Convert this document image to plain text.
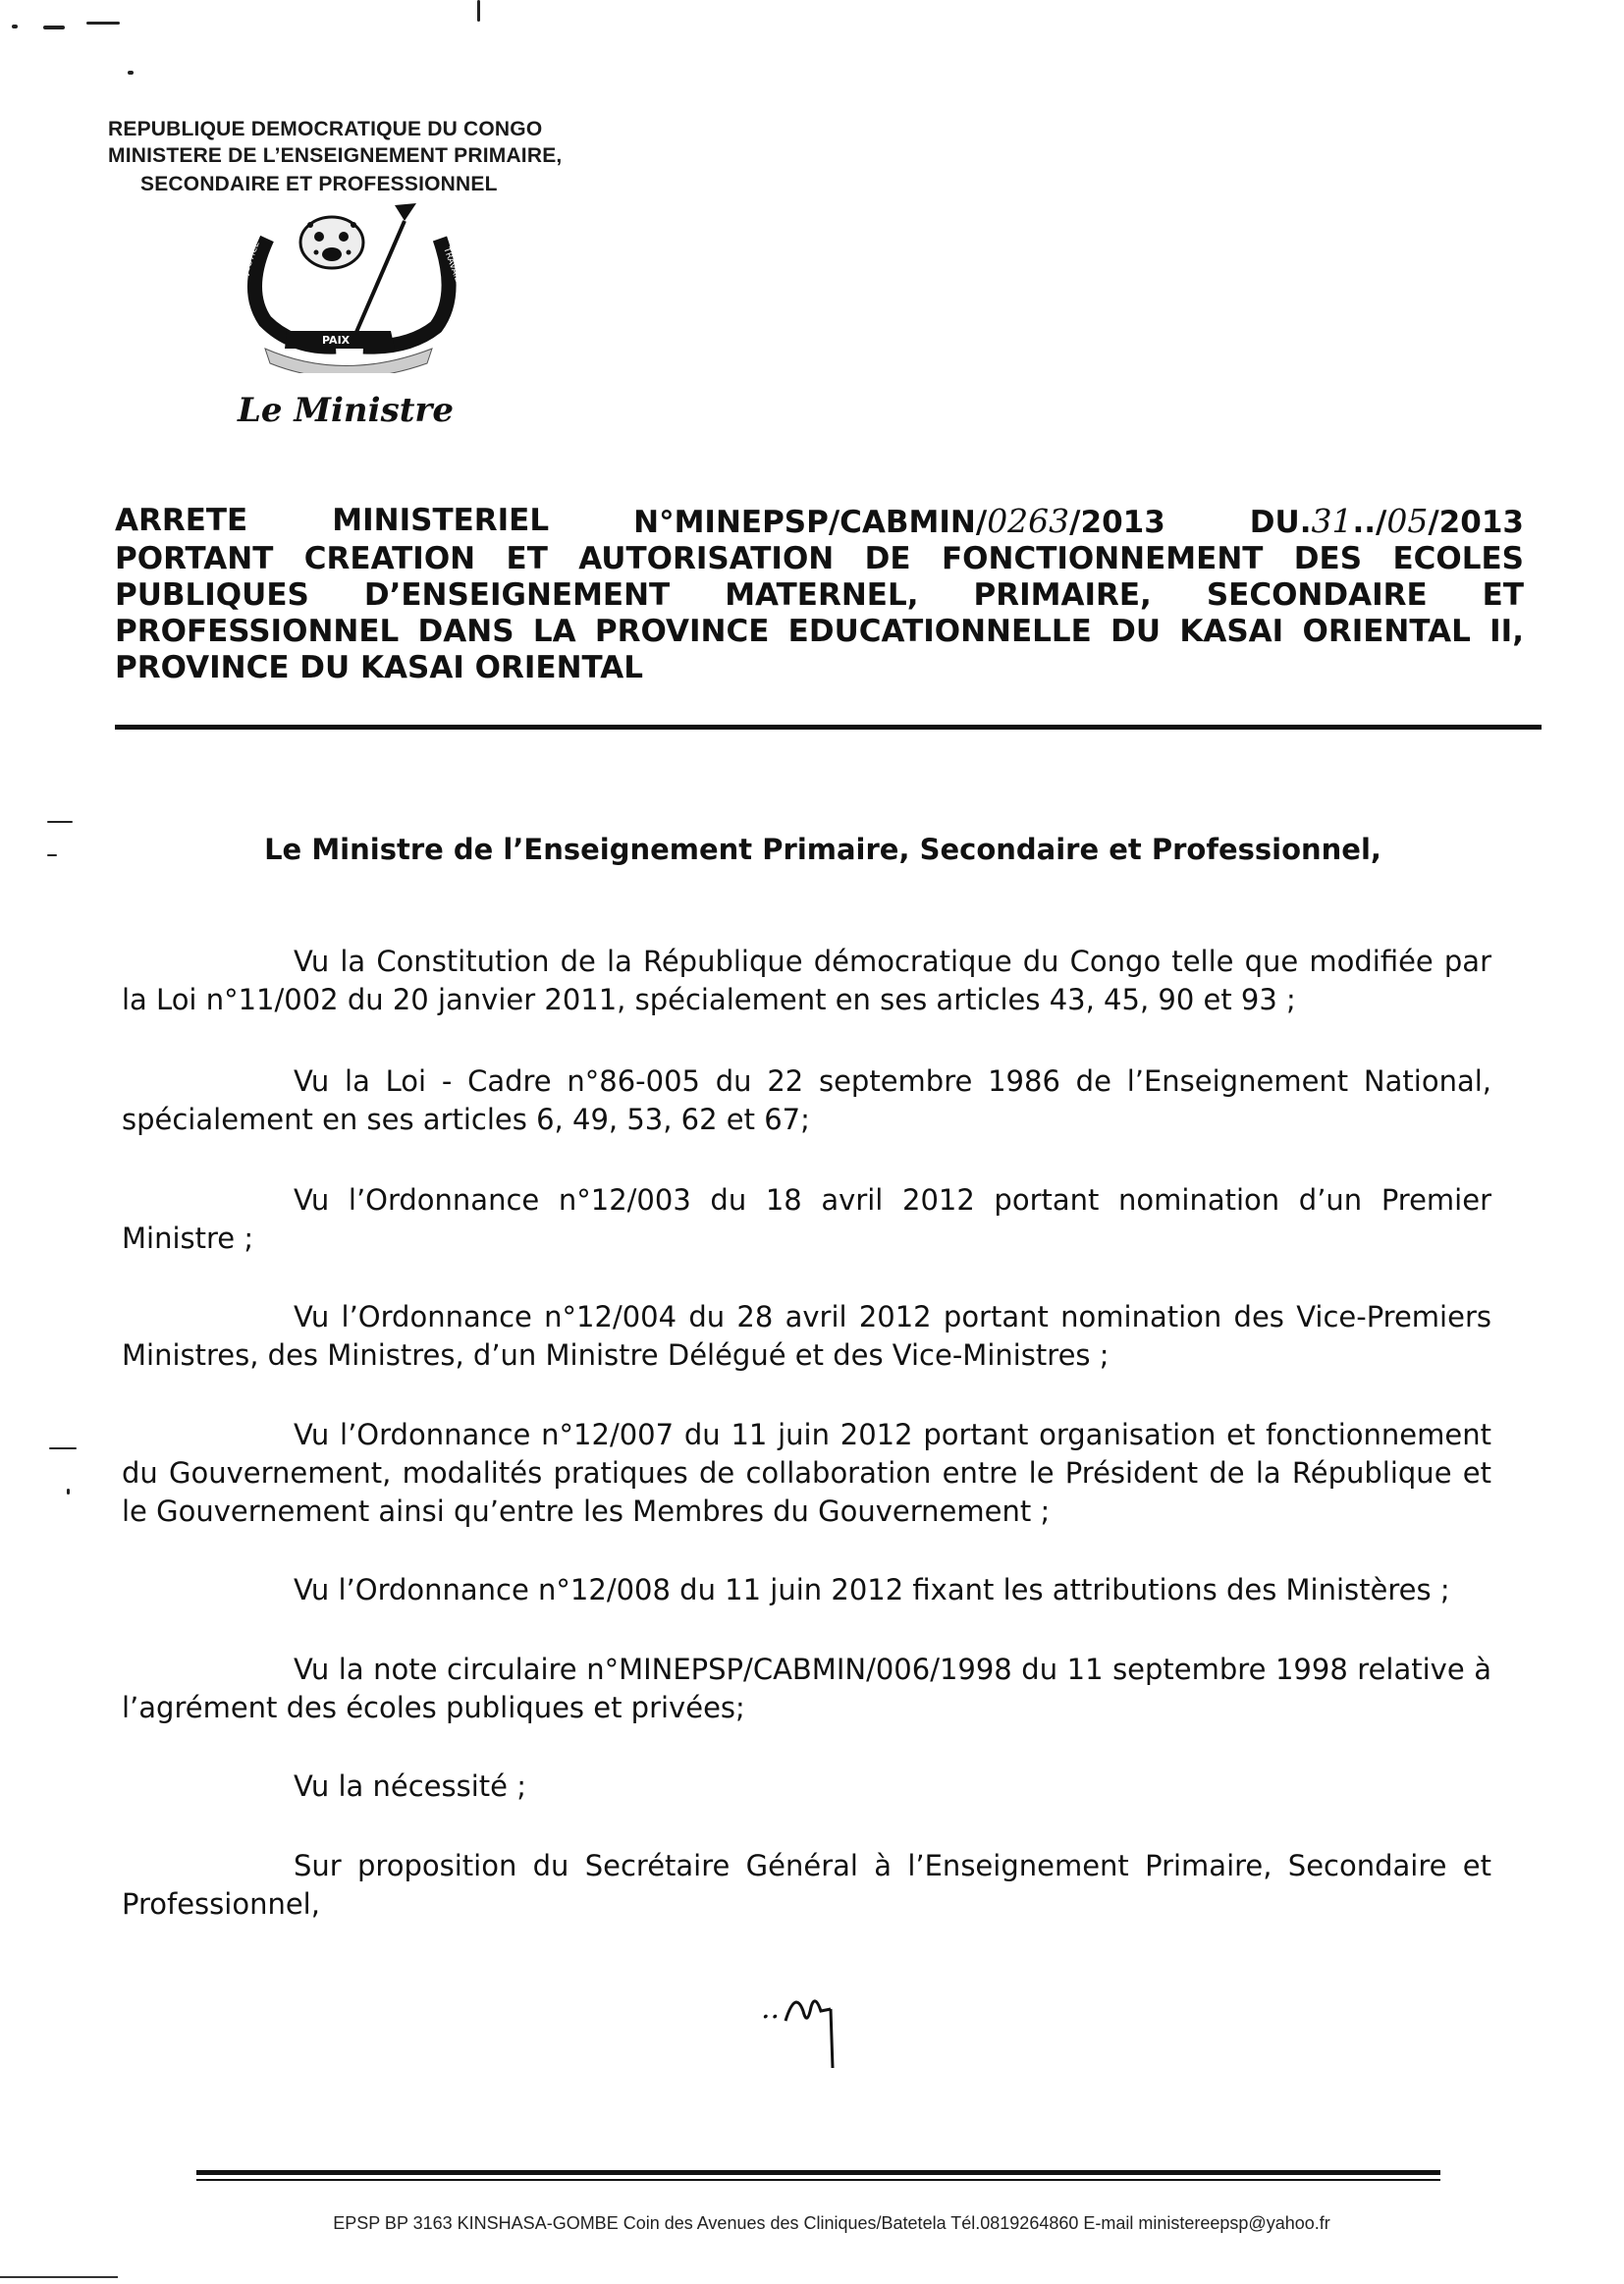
REPUBLIQUE DEMOCRATIQUE DU CONGO
MINISTERE DE L’ENSEIGNEMENT PRIMAIRE,
SECONDAIRE ET PROFESSIONNEL
JUSTICE	TRAVAIL
PAIX
Le Ministre
ARRETE	MINISTERIEL	N°MINEPSP/CABMIN/0263/2013	DU.31../05/2013
PORTANT CREATION ET AUTORISATION DE FONCTIONNEMENT DES ECOLES
PUBLIQUES D’ENSEIGNEMENT MATERNEL, PRIMAIRE, SECONDAIRE ET
PROFESSIONNEL DANS LA PROVINCE EDUCATIONNELLE DU KASAI ORIENTAL II,
PROVINCE DU KASAI ORIENTAL
Le Ministre de l’Enseignement Primaire, Secondaire et Professionnel,

Vu la Constitution de la République démocratique du Congo telle que modifiée par la Loi n°11/002 du 20 janvier 2011, spécialement en ses articles 43, 45, 90 et 93 ;

Vu la Loi - Cadre n°86-005 du 22 septembre 1986 de l’Enseignement National, spécialement en ses articles 6, 49, 53, 62 et 67;

Vu l’Ordonnance n°12/003 du 18 avril 2012 portant nomination d’un Premier Ministre ;

Vu l’Ordonnance n°12/004 du 28 avril 2012 portant nomination des Vice-Premiers Ministres, des Ministres, d’un Ministre Délégué et des Vice-Ministres ;

Vu l’Ordonnance n°12/007 du 11 juin 2012 portant organisation et fonctionnement du Gouvernement, modalités pratiques de collaboration entre le Président de la République et le Gouvernement ainsi qu’entre les Membres du Gouvernement ;

Vu l’Ordonnance n°12/008 du 11 juin 2012 fixant les attributions des Ministères ;

Vu la note circulaire n°MINEPSP/CABMIN/006/1998 du 11 septembre 1998 relative à l’agrément des écoles publiques et privées;

Vu la nécessité ;

Sur proposition du Secrétaire Général à l’Enseignement Primaire, Secondaire et Professionnel,

..
EPSP BP 3163 KINSHASA-GOMBE Coin des Avenues des Cliniques/Batetela Tél.0819264860 E-mail ministereepsp@yahoo.fr
